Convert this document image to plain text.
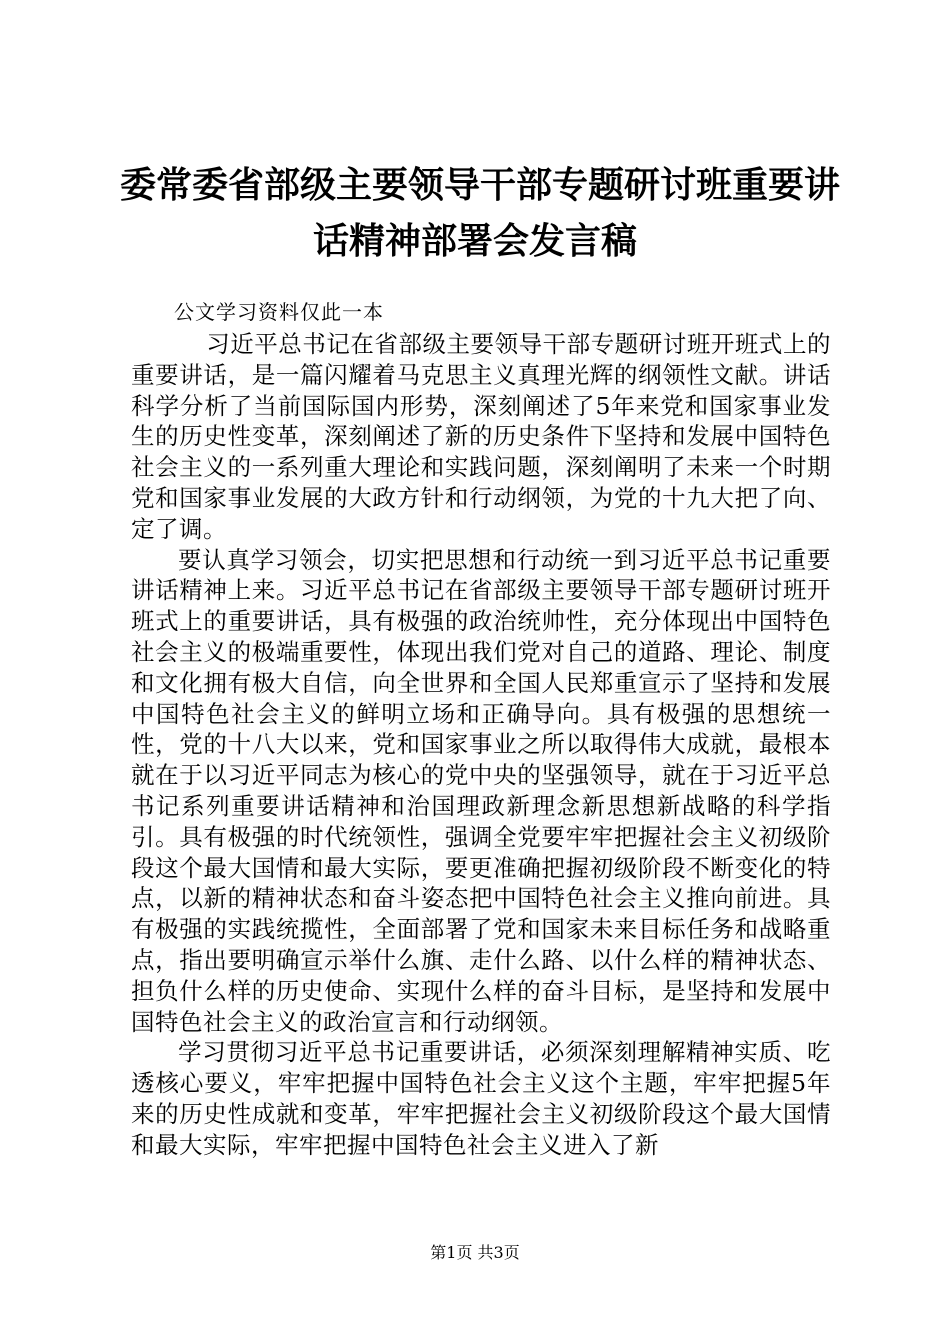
委常委省部级主要领导干部专题研讨班重要讲
话精神部署会发言稿
公文学习资料仅此一本

习近平总书记在省部级主要领导干部专题研讨班开班式上的重要讲话，是一篇闪耀着马克思主义真理光辉的纲领性文献。讲话科学分析了当前国际国内形势，深刻阐述了5年来党和国家事业发生的历史性变革，深刻阐述了新的历史条件下坚持和发展中国特色社会主义的一系列重大理论和实践问题，深刻阐明了未来一个时期党和国家事业发展的大政方针和行动纲领，为党的十九大把了向、定了调。

要认真学习领会，切实把思想和行动统一到习近平总书记重要讲话精神上来。习近平总书记在省部级主要领导干部专题研讨班开班式上的重要讲话，具有极强的政治统帅性，充分体现出中国特色社会主义的极端重要性，体现出我们党对自己的道路、理论、制度和文化拥有极大自信，向全世界和全国人民郑重宣示了坚持和发展中国特色社会主义的鲜明立场和正确导向。具有极强的思想统一性，党的十八大以来，党和国家事业之所以取得伟大成就，最根本就在于以习近平同志为核心的党中央的坚强领导，就在于习近平总书记系列重要讲话精神和治国理政新理念新思想新战略的科学指引。具有极强的时代统领性，强调全党要牢牢把握社会主义初级阶段这个最大国情和最大实际，要更准确把握初级阶段不断变化的特点，以新的精神状态和奋斗姿态把中国特色社会主义推向前进。具有极强的实践统揽性，全面部署了党和国家未来目标任务和战略重点，指出要明确宣示举什么旗、走什么路、以什么样的精神状态、担负什么样的历史使命、实现什么样的奋斗目标，是坚持和发展中国特色社会主义的政治宣言和行动纲领。

学习贯彻习近平总书记重要讲话，必须深刻理解精神实质、吃透核心要义，牢牢把握中国特色社会主义这个主题，牢牢把握5年来的历史性成就和变革，牢牢把握社会主义初级阶段这个最大国情和最大实际，牢牢把握中国特色社会主义进入了新

第1页 共3页
